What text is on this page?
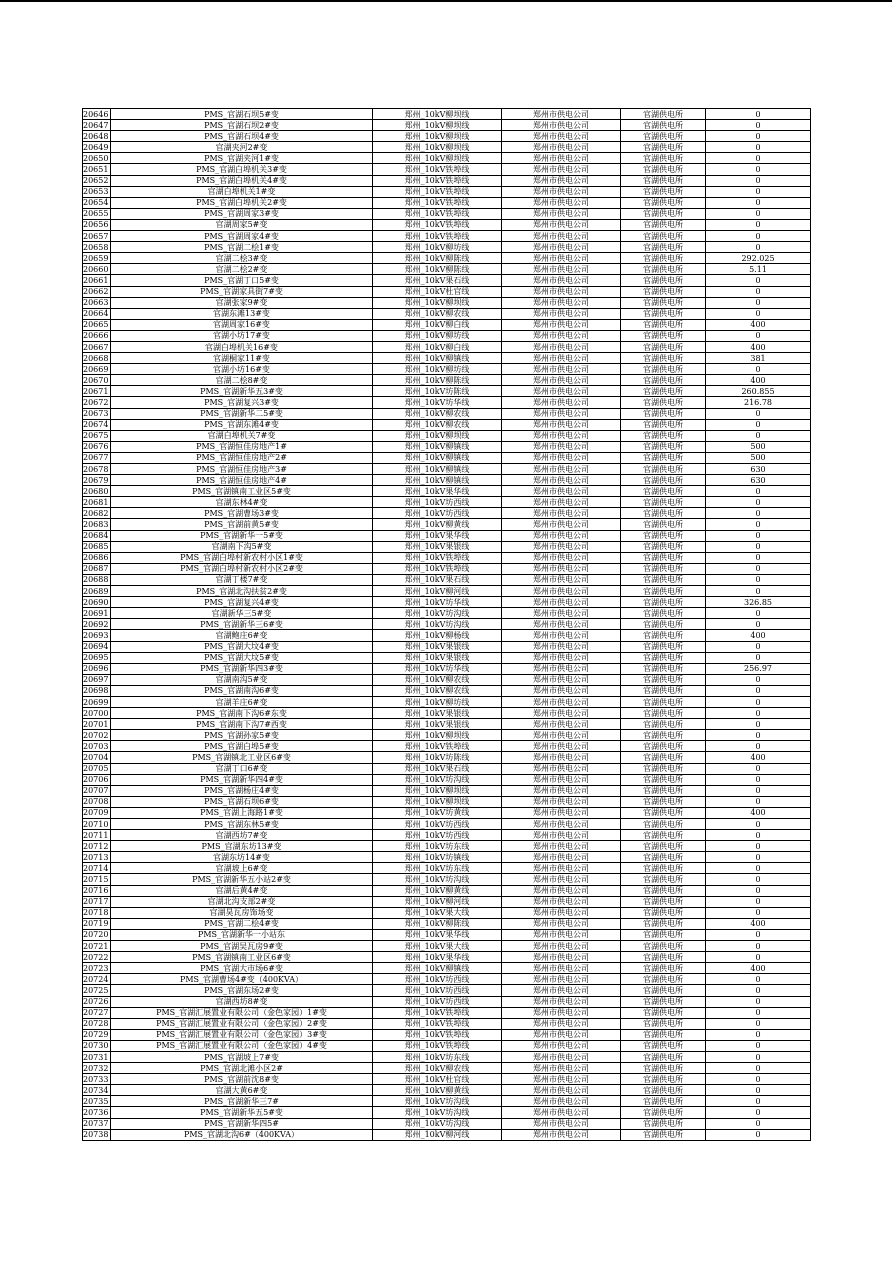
20646	PMS_官湖石坝5#变	郑州_10kV柳坝线	郑州市供电公司	官湖供电所	0
20647	PMS_官湖石坝2#变	郑州_10kV柳坝线	郑州市供电公司	官湖供电所	0
20648	PMS_官湖石坝4#变	郑州_10kV柳坝线	郑州市供电公司	官湖供电所	0
20649	官湖夹河2#变	郑州_10kV柳坝线	郑州市供电公司	官湖供电所	0
20650	PMS_官湖夹河1#变	郑州_10kV柳坝线	郑州市供电公司	官湖供电所	0
20651	PMS_官湖白埠机关3#变	郑州_10kV铁埠线	郑州市供电公司	官湖供电所	0
20652	PMS_官湖白埠机关4#变	郑州_10kV铁埠线	郑州市供电公司	官湖供电所	0
20653	官湖白埠机关1#变	郑州_10kV铁埠线	郑州市供电公司	官湖供电所	0
20654	PMS_官湖白埠机关2#变	郑州_10kV铁埠线	郑州市供电公司	官湖供电所	0
20655	PMS_官湖周家3#变	郑州_10kV铁埠线	郑州市供电公司	官湖供电所	0
20656	官湖周家5#变	郑州_10kV铁埠线	郑州市供电公司	官湖供电所	0
20657	PMS_官湖周家4#变	郑州_10kV铁埠线	郑州市供电公司	官湖供电所	0
20658	PMS_官湖二桧1#变	郑州_10kV柳坊线	郑州市供电公司	官湖供电所	0
20659	官湖二桧3#变	郑州_10kV柳陈线	郑州市供电公司	官湖供电所	292.025
20660	官湖二桧2#变	郑州_10kV柳陈线	郑州市供电公司	官湖供电所	5.11
20661	PMS_官湖丁口5#变	郑州_10kV果石线	郑州市供电公司	官湖供电所	0
20662	PMS_官湖家具街7#变	郑州_10kV杜官线	郑州市供电公司	官湖供电所	0
20663	官湖张家9#变	郑州_10kV柳坝线	郑州市供电公司	官湖供电所	0
20664	官湖东滩13#变	郑州_10kV柳农线	郑州市供电公司	官湖供电所	0
20665	官湖周家16#变	郑州_10kV柳白线	郑州市供电公司	官湖供电所	400
20666	官湖小坊17#变	郑州_10kV柳坊线	郑州市供电公司	官湖供电所	0
20667	官湖白埠机关16#变	郑州_10kV柳白线	郑州市供电公司	官湖供电所	400
20668	官湖桐家11#变	郑州_10kV柳镇线	郑州市供电公司	官湖供电所	381
20669	官湖小坊16#变	郑州_10kV柳坊线	郑州市供电公司	官湖供电所	0
20670	官湖二桧8#变	郑州_10kV柳陈线	郑州市供电公司	官湖供电所	400
20671	PMS_官湖新华五3#变	郑州_10kV坊陈线	郑州市供电公司	官湖供电所	260.855
20672	PMS_官湖复兴3#变	郑州_10kV坊华线	郑州市供电公司	官湖供电所	216.78
20673	PMS_官湖新华二5#变	郑州_10kV柳农线	郑州市供电公司	官湖供电所	0
20674	PMS_官湖东滩4#变	郑州_10kV柳农线	郑州市供电公司	官湖供电所	0
20675	官湖白埠机关7#变	郑州_10kV柳坝线	郑州市供电公司	官湖供电所	0
20676	PMS_官湖恒佳房地产1#	郑州_10kV柳镇线	郑州市供电公司	官湖供电所	500
20677	PMS_官湖恒佳房地产2#	郑州_10kV柳镇线	郑州市供电公司	官湖供电所	500
20678	PMS_官湖恒佳房地产3#	郑州_10kV柳镇线	郑州市供电公司	官湖供电所	630
20679	PMS_官湖恒佳房地产4#	郑州_10kV柳镇线	郑州市供电公司	官湖供电所	630
20680	PMS_官湖镇南工业区5#变	郑州_10kV果华线	郑州市供电公司	官湖供电所	0
20681	官湖东林4#变	郑州_10kV坊西线	郑州市供电公司	官湖供电所	0
20682	PMS_官湖曹场3#变	郑州_10kV坊西线	郑州市供电公司	官湖供电所	0
20683	PMS_官湖前黄5#变	郑州_10kV柳黄线	郑州市供电公司	官湖供电所	0
20684	PMS_官湖新华一5#变	郑州_10kV果华线	郑州市供电公司	官湖供电所	0
20685	官湖南下沟5#变	郑州_10kV果银线	郑州市供电公司	官湖供电所	0
20686	PMS_官湖白埠村新农村小区1#变	郑州_10kV铁埠线	郑州市供电公司	官湖供电所	0
20687	PMS_官湖白埠村新农村小区2#变	郑州_10kV铁埠线	郑州市供电公司	官湖供电所	0
20688	官湖丁楼7#变	郑州_10kV果石线	郑州市供电公司	官湖供电所	0
20689	PMS_官湖北沟扶贫2#变	郑州_10kV柳河线	郑州市供电公司	官湖供电所	0
20690	PMS_官湖复兴4#变	郑州_10kV坊华线	郑州市供电公司	官湖供电所	326.85
20691	官湖新华三5#变	郑州_10kV坊沟线	郑州市供电公司	官湖供电所	0
20692	PMS_官湖新华三6#变	郑州_10kV坊沟线	郑州市供电公司	官湖供电所	0
20693	官湖鲍庄6#变	郑州_10kV柳杨线	郑州市供电公司	官湖供电所	400
20694	PMS_官湖大坟4#变	郑州_10kV果银线	郑州市供电公司	官湖供电所	0
20695	PMS_官湖大坟5#变	郑州_10kV果银线	郑州市供电公司	官湖供电所	0
20696	PMS_官湖新华四3#变	郑州_10kV坊华线	郑州市供电公司	官湖供电所	256.97
20697	官湖南沟5#变	郑州_10kV柳农线	郑州市供电公司	官湖供电所	0
20698	PMS_官湖南沟6#变	郑州_10kV柳农线	郑州市供电公司	官湖供电所	0
20699	官湖羊庄6#变	郑州_10kV柳坊线	郑州市供电公司	官湖供电所	0
20700	PMS_官湖南下沟6#东变	郑州_10kV果银线	郑州市供电公司	官湖供电所	0
20701	PMS_官湖南下沟7#西变	郑州_10kV果银线	郑州市供电公司	官湖供电所	0
20702	PMS_官湖孙家5#变	郑州_10kV柳坝线	郑州市供电公司	官湖供电所	0
20703	PMS_官湖白埠5#变	郑州_10kV铁埠线	郑州市供电公司	官湖供电所	0
20704	PMS_官湖镇北工业区6#变	郑州_10kV坊陈线	郑州市供电公司	官湖供电所	400
20705	官湖丁口6#变	郑州_10kV果石线	郑州市供电公司	官湖供电所	0
20706	PMS_官湖新华四4#变	郑州_10kV坊沟线	郑州市供电公司	官湖供电所	0
20707	PMS_官湖杨庄4#变	郑州_10kV柳坝线	郑州市供电公司	官湖供电所	0
20708	PMS_官湖石坝6#变	郑州_10kV柳坝线	郑州市供电公司	官湖供电所	0
20709	PMS_官湖上海路1#变	郑州_10kV坊黄线	郑州市供电公司	官湖供电所	400
20710	PMS_官湖东林5#变	郑州_10kV坊西线	郑州市供电公司	官湖供电所	0
20711	官湖西坊7#变	郑州_10kV坊西线	郑州市供电公司	官湖供电所	0
20712	PMS_官湖东坊13#变	郑州_10kV坊东线	郑州市供电公司	官湖供电所	0
20713	官湖东坊14#变	郑州_10kV坊镇线	郑州市供电公司	官湖供电所	0
20714	官湖坡上6#变	郑州_10kV坊东线	郑州市供电公司	官湖供电所	0
20715	PMS_官湖新华五小站2#变	郑州_10kV坊沟线	郑州市供电公司	官湖供电所	0
20716	官湖后黄4#变	郑州_10kV柳黄线	郑州市供电公司	官湖供电所	0
20717	官湖北沟支部2#变	郑州_10kV柳河线	郑州市供电公司	官湖供电所	0
20718	官湖昊瓦房饰场变	郑州_10kV果大线	郑州市供电公司	官湖供电所	0
20719	PMS_官湖二桧4#变	郑州_10kV柳陈线	郑州市供电公司	官湖供电所	400
20720	PMS_官湖新华一小站东	郑州_10kV果华线	郑州市供电公司	官湖供电所	0
20721	PMS_官湖吴瓦房9#变	郑州_10kV果大线	郑州市供电公司	官湖供电所	0
20722	PMS_官湖镇南工业区6#变	郑州_10kV果华线	郑州市供电公司	官湖供电所	0
20723	PMS_官湖大市场6#变	郑州_10kV柳镇线	郑州市供电公司	官湖供电所	400
20724	PMS_官湖曹场4#变（400KVA）	郑州_10kV坊西线	郑州市供电公司	官湖供电所	0
20725	PMS_官湖东场2#变	郑州_10kV坊西线	郑州市供电公司	官湖供电所	0
20726	官湖西坊8#变	郑州_10kV坊西线	郑州市供电公司	官湖供电所	0
20727	PMS_官湖汇展置业有限公司（金色家园）1#变	郑州_10kV铁埠线	郑州市供电公司	官湖供电所	0
20728	PMS_官湖汇展置业有限公司（金色家园）2#变	郑州_10kV铁埠线	郑州市供电公司	官湖供电所	0
20729	PMS_官湖汇展置业有限公司（金色家园）3#变	郑州_10kV铁埠线	郑州市供电公司	官湖供电所	0
20730	PMS_官湖汇展置业有限公司（金色家园）4#变	郑州_10kV铁埠线	郑州市供电公司	官湖供电所	0
20731	PMS_官湖坡上7#变	郑州_10kV坊东线	郑州市供电公司	官湖供电所	0
20732	PMS_官湖北滩小区2#	郑州_10kV柳农线	郑州市供电公司	官湖供电所	0
20733	PMS_官湖前沈8#变	郑州_10kV杜官线	郑州市供电公司	官湖供电所	0
20734	官湖大黄6#变	郑州_10kV柳黄线	郑州市供电公司	官湖供电所	0
20735	PMS_官湖新华三7#	郑州_10kV坊沟线	郑州市供电公司	官湖供电所	0
20736	PMS_官湖新华五5#变	郑州_10kV坊沟线	郑州市供电公司	官湖供电所	0
20737	PMS_官湖新华四5#	郑州_10kV坊沟线	郑州市供电公司	官湖供电所	0
20738	PMS_官湖北沟6#（400KVA）	郑州_10kV柳河线	郑州市供电公司	官湖供电所	0
